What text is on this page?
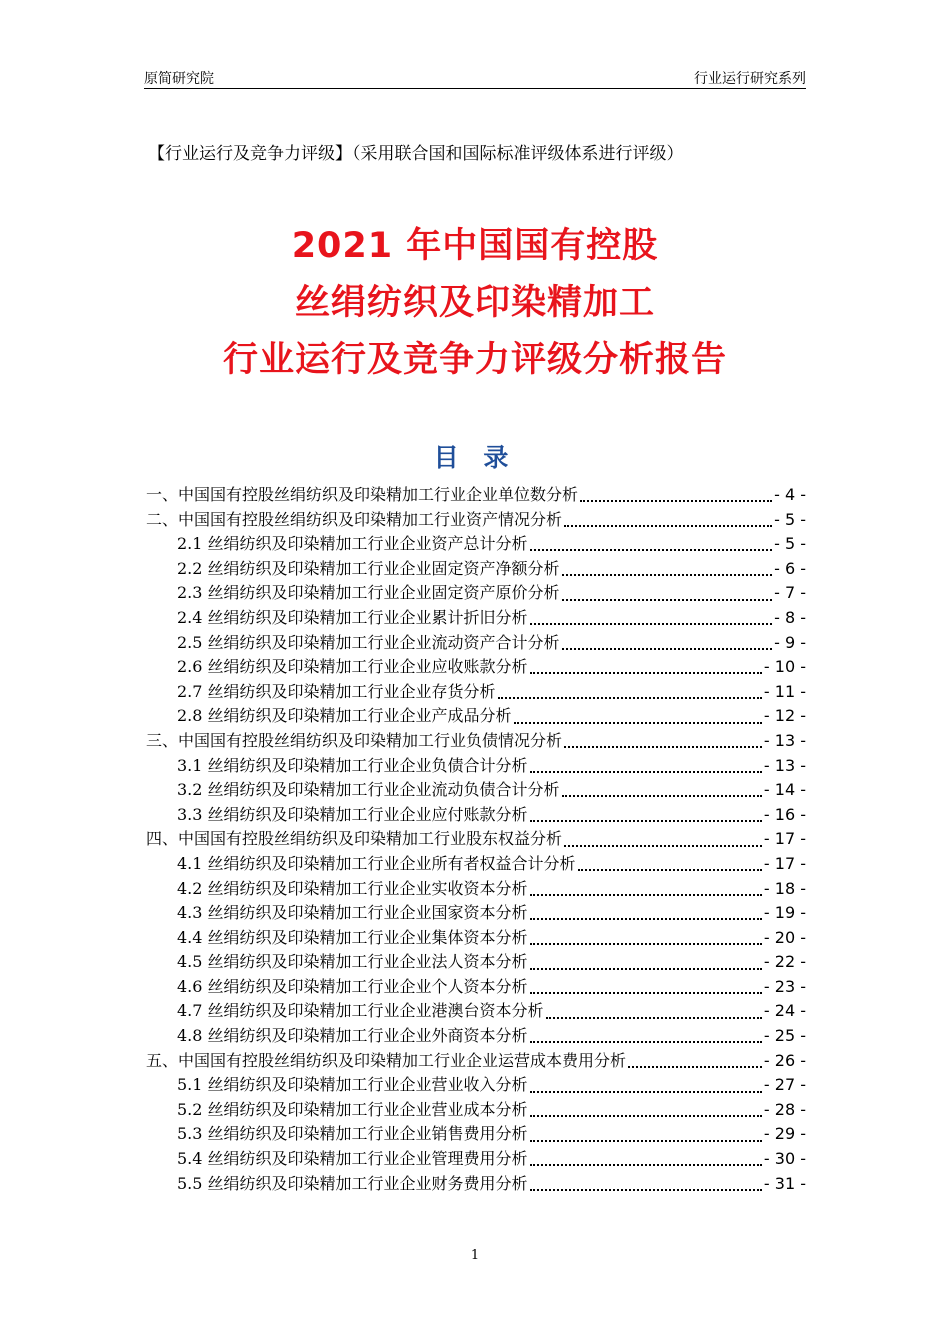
原简研究院	行业运行研究系列
【行业运行及竞争力评级】（采用联合国和国际标准评级体系进行评级）
2021 年中国国有控股
丝绢纺织及印染精加工
行业运行及竞争力评级分析报告
目 录
一、中国国有控股丝绢纺织及印染精加工行业企业单位数分析	- 4 -
二、中国国有控股丝绢纺织及印染精加工行业资产情况分析	- 5 -
2.1 丝绢纺织及印染精加工行业企业资产总计分析	- 5 -
2.2 丝绢纺织及印染精加工行业企业固定资产净额分析	- 6 -
2.3 丝绢纺织及印染精加工行业企业固定资产原价分析	- 7 -
2.4 丝绢纺织及印染精加工行业企业累计折旧分析	- 8 -
2.5 丝绢纺织及印染精加工行业企业流动资产合计分析	- 9 -
2.6 丝绢纺织及印染精加工行业企业应收账款分析	- 10 -
2.7 丝绢纺织及印染精加工行业企业存货分析	- 11 -
2.8 丝绢纺织及印染精加工行业企业产成品分析	- 12 -
三、中国国有控股丝绢纺织及印染精加工行业负债情况分析	- 13 -
3.1 丝绢纺织及印染精加工行业企业负债合计分析	- 13 -
3.2 丝绢纺织及印染精加工行业企业流动负债合计分析	- 14 -
3.3 丝绢纺织及印染精加工行业企业应付账款分析	- 16 -
四、中国国有控股丝绢纺织及印染精加工行业股东权益分析	- 17 -
4.1 丝绢纺织及印染精加工行业企业所有者权益合计分析	- 17 -
4.2 丝绢纺织及印染精加工行业企业实收资本分析	- 18 -
4.3 丝绢纺织及印染精加工行业企业国家资本分析	- 19 -
4.4 丝绢纺织及印染精加工行业企业集体资本分析	- 20 -
4.5 丝绢纺织及印染精加工行业企业法人资本分析	- 22 -
4.6 丝绢纺织及印染精加工行业企业个人资本分析	- 23 -
4.7 丝绢纺织及印染精加工行业企业港澳台资本分析	- 24 -
4.8 丝绢纺织及印染精加工行业企业外商资本分析	- 25 -
五、中国国有控股丝绢纺织及印染精加工行业企业运营成本费用分析	- 26 -
5.1 丝绢纺织及印染精加工行业企业营业收入分析	- 27 -
5.2 丝绢纺织及印染精加工行业企业营业成本分析	- 28 -
5.3 丝绢纺织及印染精加工行业企业销售费用分析	- 29 -
5.4 丝绢纺织及印染精加工行业企业管理费用分析	- 30 -
5.5 丝绢纺织及印染精加工行业企业财务费用分析	- 31 -
1
